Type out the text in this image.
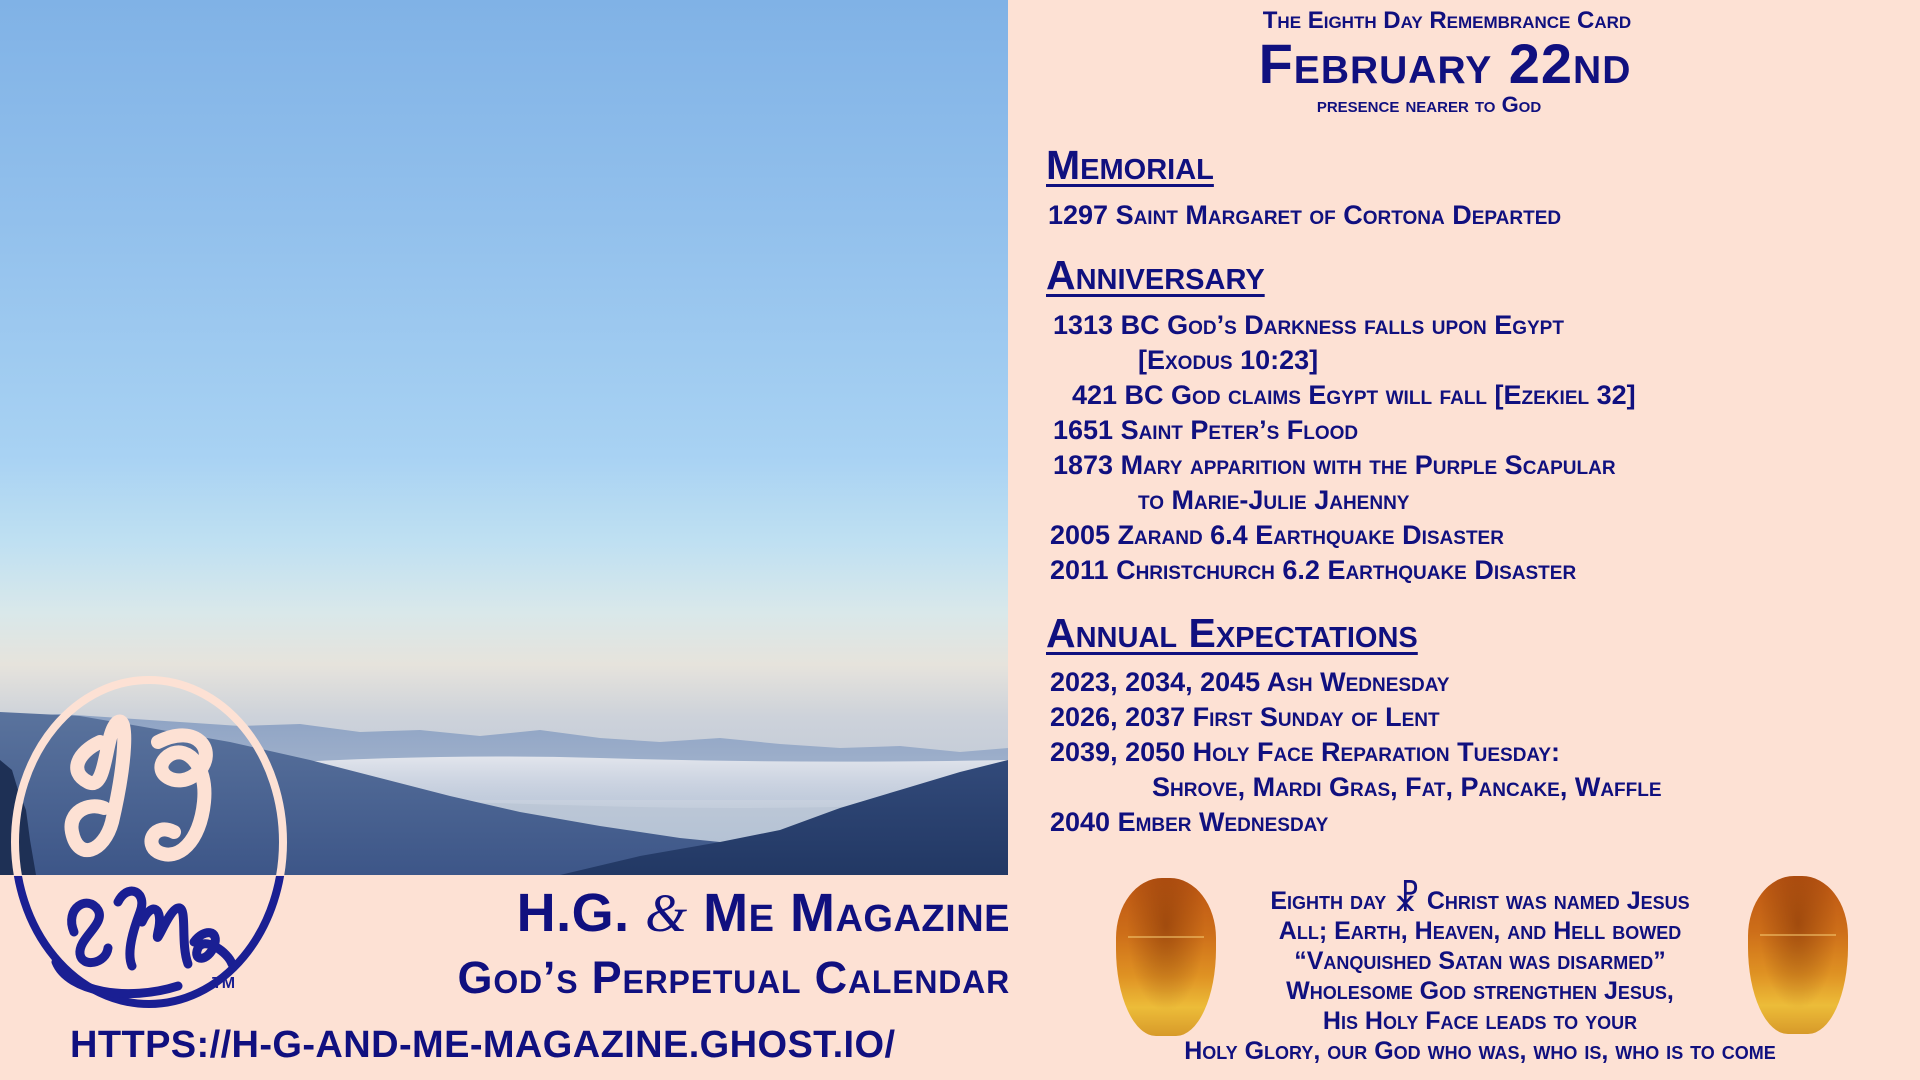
TM
H.G. & Me Magazine
God’s Perpetual Calendar
HTTPS://H-G-AND-ME-MAGAZINE.GHOST.IO/
The Eighth Day Remembrance Card
February 22nd
presence nearer to God
Memorial
1297 Saint Margaret of Cortona Departed
Anniversary
1313 BC God’s Darkness falls upon Egypt
[Exodus 10:23]
421 BC God claims Egypt will fall [Ezekiel 32]
1651 Saint Peter’s Flood
1873 Mary apparition with the Purple Scapular
to Marie-Julie Jahenny
2005 Zarand 6.4 Earthquake Disaster
2011 Christchurch 6.2 Earthquake Disaster
Annual Expectations
2023, 2034, 2045 Ash Wednesday
2026, 2037 First Sunday of Lent
2039, 2050 Holy Face Reparation Tuesday:
Shrove, Mardi Gras, Fat, Pancake, Waffle
2040 Ember Wednesday
Eighth day ☧ Christ was named Jesus
All; Earth, Heaven, and Hell bowed
“Vanquished Satan was disarmed”
Wholesome God strengthen Jesus,
His Holy Face leads to your
Holy Glory, our God who was, who is, who is to come
